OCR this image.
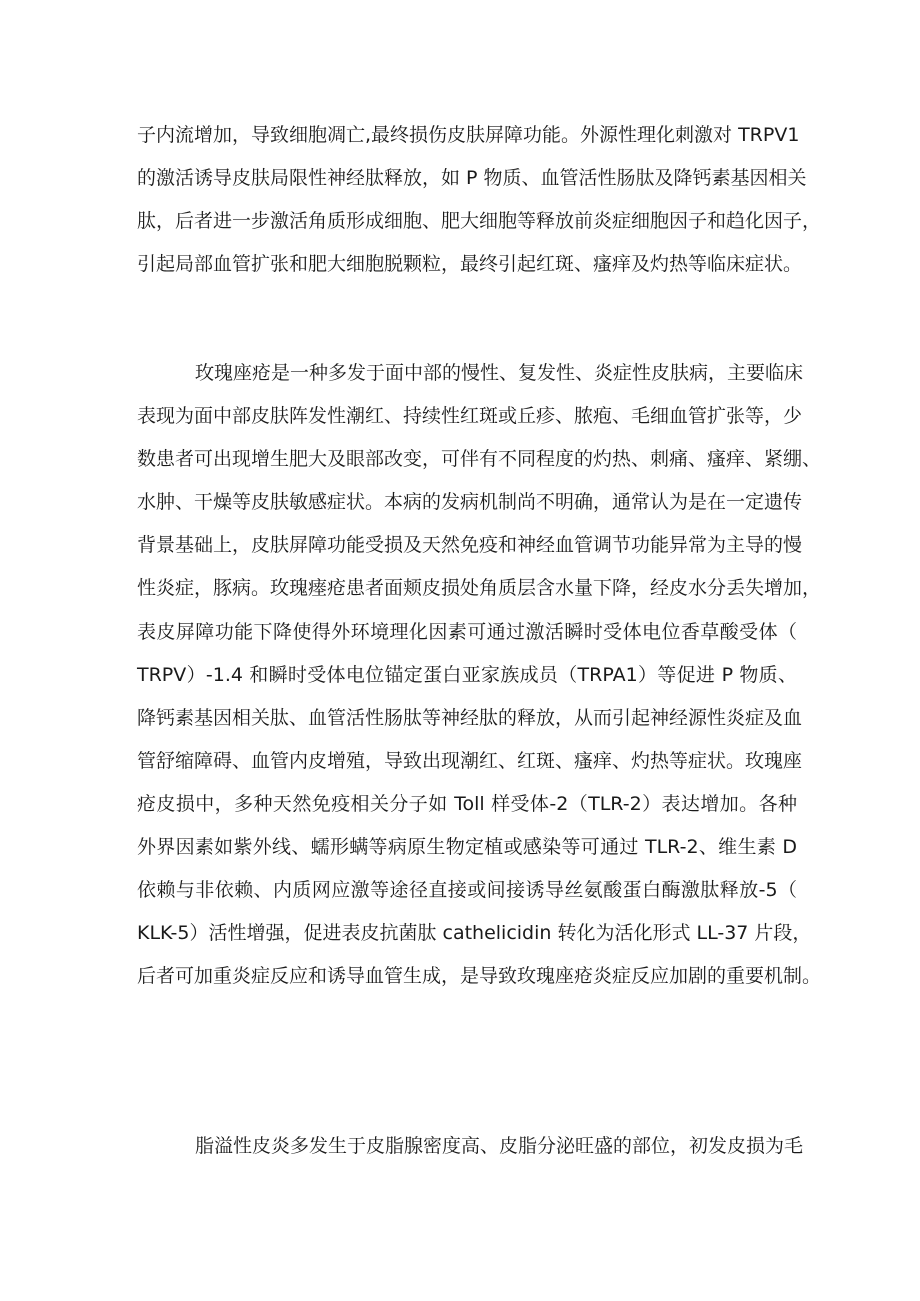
子内流增加，导致细胞凋亡,最终损伤皮肤屏障功能。外源性理化刺激对 TRPV1
的激活诱导皮肤局限性神经肽释放，如 P 物质、血管活性肠肽及降钙素基因相关
肽，后者进一步激活角质形成细胞、肥大细胞等释放前炎症细胞因子和趋化因子，
引起局部血管扩张和肥大细胞脱颗粒，最终引起红斑、瘙痒及灼热等临床症状。
玫瑰座疮是一种多发于面中部的慢性、复发性、炎症性皮肤病，主要临床
表现为面中部皮肤阵发性潮红、持续性红斑或丘疹、脓疱、毛细血管扩张等，少
数患者可出现增生肥大及眼部改变，可伴有不同程度的灼热、刺痛、瘙痒、紧绷、
水肿、干燥等皮肤敏感症状。本病的发病机制尚不明确，通常认为是在一定遗传
背景基础上，皮肤屏障功能受损及天然免疫和神经血管调节功能异常为主导的慢
性炎症，豚病。玫瑰瘗疮患者面颊皮损处角质层含水量下降，经皮水分丢失增加，
表皮屏障功能下降使得外环境理化因素可通过激活瞬时受体电位香草酸受体（
TRPV）-1.4 和瞬时受体电位锚定蛋白亚家族成员（TRPA1）等促进 P 物质、
降钙素基因相关肽、血管活性肠肽等神经肽的释放，从而引起神经源性炎症及血
管舒缩障碍、血管内皮增殖，导致出现潮红、红斑、瘙痒、灼热等症状。玫瑰座
疮皮损中，多种天然免疫相关分子如 Toll 样受体-2（TLR-2）表达增加。各种
外界因素如紫外线、蠕形螨等病原生物定植或感染等可通过 TLR-2、维生素 D
依赖与非依赖、内质网应激等途径直接或间接诱导丝氨酸蛋白酶激肽释放-5（
KLK-5）活性增强，促进表皮抗菌肽 cathelicidin 转化为活化形式 LL-37 片段，
后者可加重炎症反应和诱导血管生成，是导致玫瑰座疮炎症反应加剧的重要机制。
脂溢性皮炎多发生于皮脂腺密度高、皮脂分泌旺盛的部位，初发皮损为毛
